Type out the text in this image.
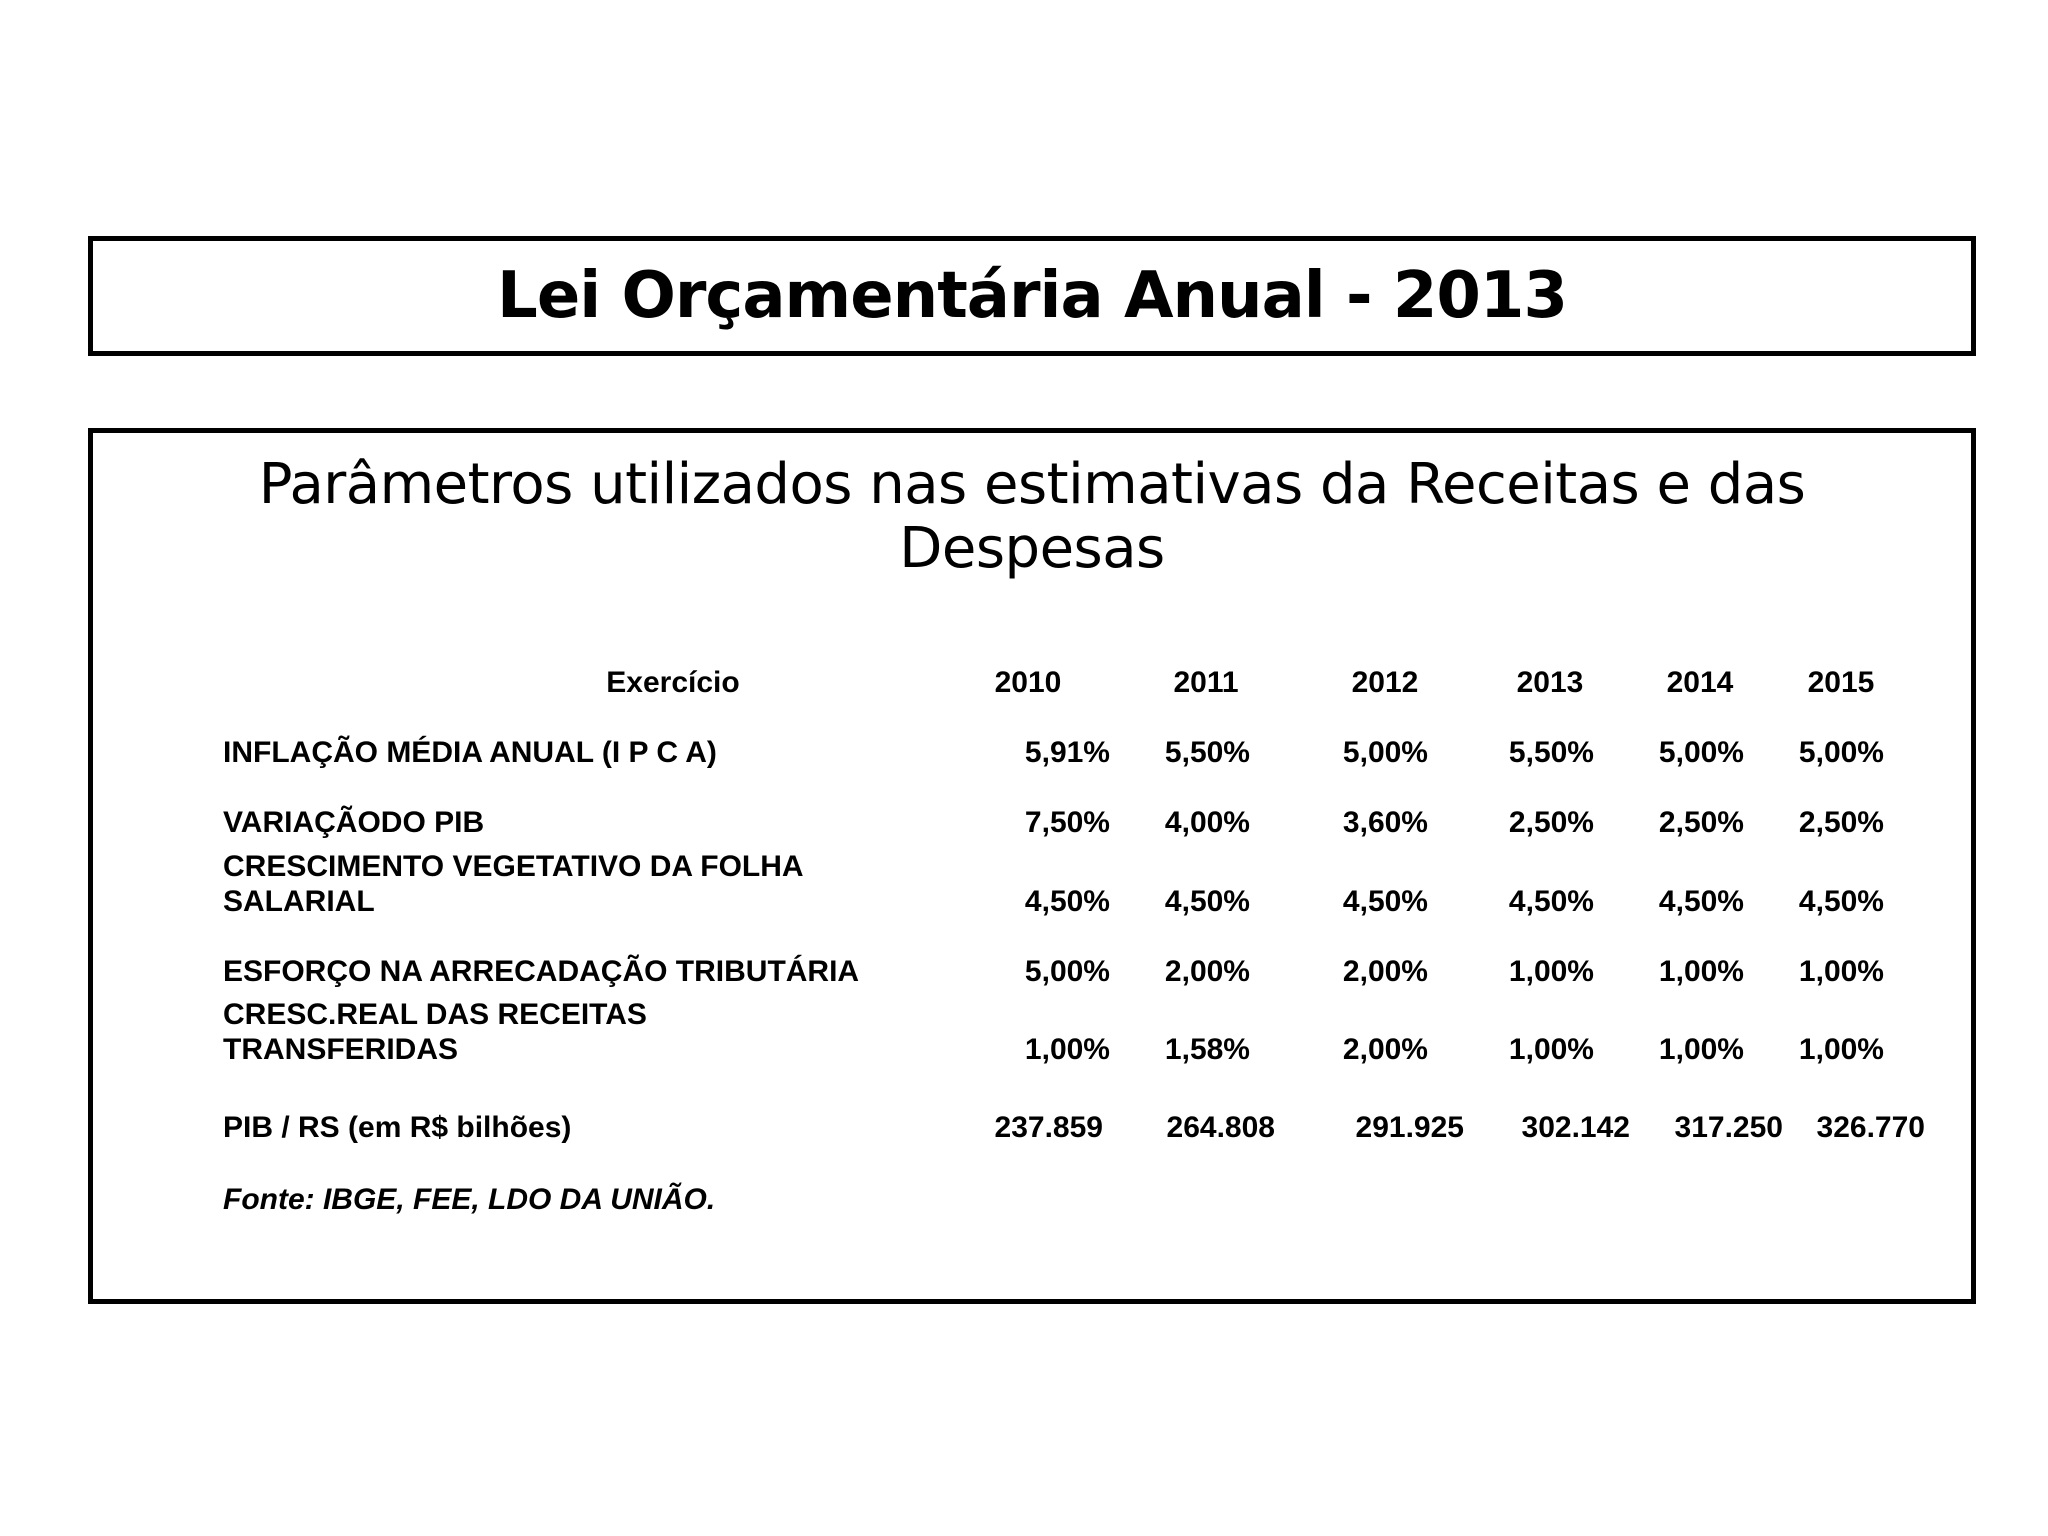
Lei Orçamentária Anual - 2013
Parâmetros utilizados nas estimativas da Receitas e das
Despesas
Exercício	2010	2011	2012	2013	2014	2015
INFLAÇÃO MÉDIA ANUAL (I P C A)	5,91%	5,50%	5,00%	5,50%	5,00%	5,00%
VARIAÇÃODO PIB	7,50%	4,00%	3,60%	2,50%	2,50%	2,50%
CRESCIMENTO VEGETATIVO DA FOLHA
SALARIAL	4,50%	4,50%	4,50%	4,50%	4,50%	4,50%
ESFORÇO NA ARRECADAÇÃO TRIBUTÁRIA	5,00%	2,00%	2,00%	1,00%	1,00%	1,00%
CRESC.REAL DAS RECEITAS
TRANSFERIDAS	1,00%	1,58%	2,00%	1,00%	1,00%	1,00%
PIB / RS (em R$ bilhões)	237.859	264.808	291.925	302.142	317.250	326.770
Fonte: IBGE, FEE, LDO DA UNIÃO.
